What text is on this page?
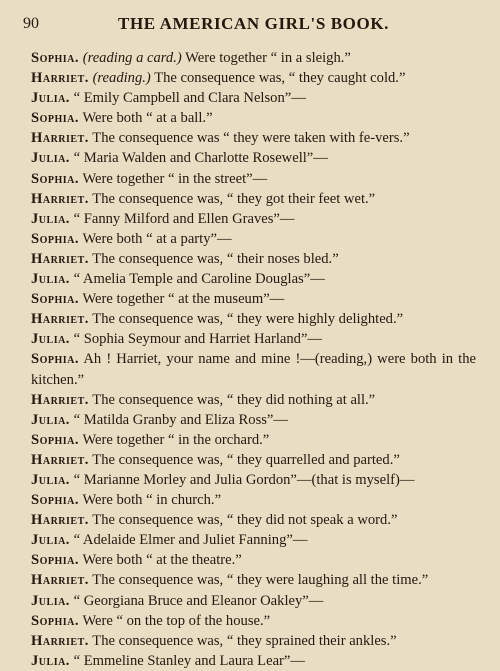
90	THE AMERICAN GIRL'S BOOK.
Sophia. (reading a card.) Were together “ in a sleigh.”
Harriet. (reading.) The consequence was, “ they caught cold.”
Julia. “ Emily Campbell and Clara Nelson”—
Sophia. Were both “ at a ball.”
Harriet. The consequence was “ they were taken with fe-vers.”
Julia. “ Maria Walden and Charlotte Rosewell”—
Sophia. Were together “ in the street”—
Harriet. The consequence was, “ they got their feet wet.”
Julia. “ Fanny Milford and Ellen Graves”—
Sophia. Were both “ at a party”—
Harriet. The consequence was, “ their noses bled.”
Julia. “ Amelia Temple and Caroline Douglas”—
Sophia. Were together “ at the museum”—
Harriet. The consequence was, “ they were highly delighted.”
Julia. “ Sophia Seymour and Harriet Harland”—
Sophia. Ah ! Harriet, your name and mine !—(reading,) were both in the kitchen.”
Harriet. The consequence was, “ they did nothing at all.”
Julia. “ Matilda Granby and Eliza Ross”—
Sophia. Were together “ in the orchard.”
Harriet. The consequence was, “ they quarrelled and parted.”
Julia. “ Marianne Morley and Julia Gordon”—(that is myself)—
Sophia. Were both “ in church.”
Harriet. The consequence was, “ they did not speak a word.”
Julia. “ Adelaide Elmer and Juliet Fanning”—
Sophia. Were both “ at the theatre.”
Harriet. The consequence was, “ they were laughing all the time.”
Julia. “ Georgiana Bruce and Eleanor Oakley”—
Sophia. Were “ on the top of the house.”
Harriet. The consequence was, “ they sprained their ankles.”
Julia. “ Emmeline Stanley and Laura Lear”—
